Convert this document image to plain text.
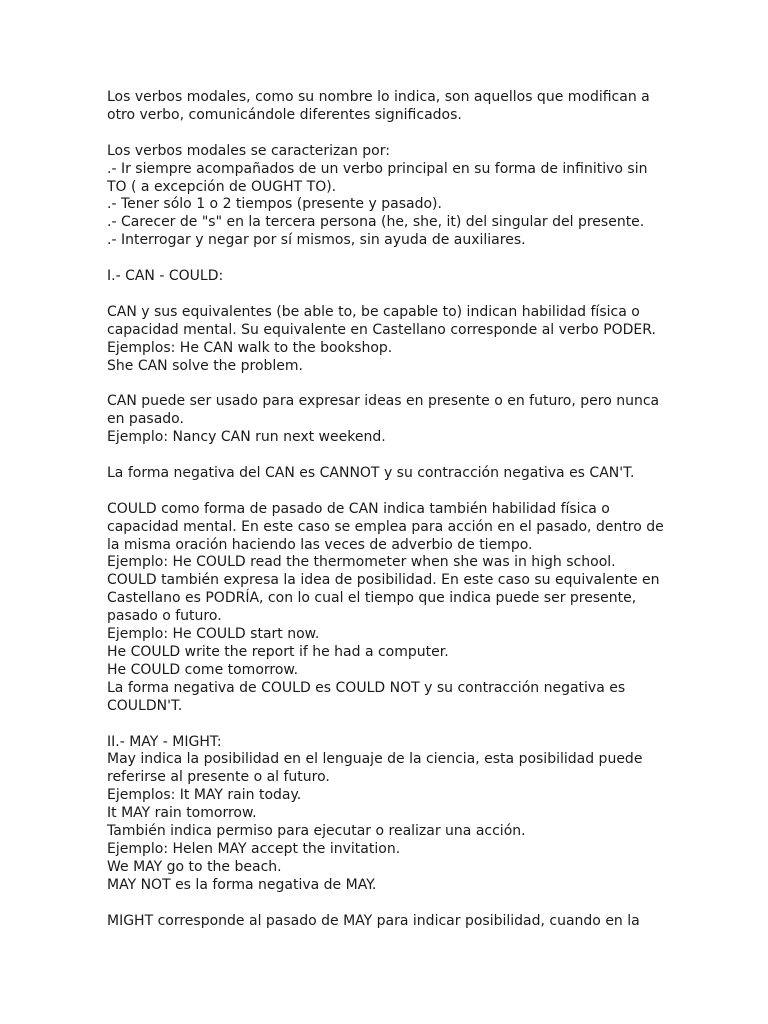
Los verbos modales, como su nombre lo indica, son aquellos que modifican a
otro verbo, comunicándole diferentes significados.
Los verbos modales se caracterizan por:
.- Ir siempre acompañados de un verbo principal en su forma de infinitivo sin
TO ( a excepción de OUGHT TO).
.- Tener sólo 1 o 2 tiempos (presente y pasado).
.- Carecer de "s" en la tercera persona (he, she, it) del singular del presente.
.- Interrogar y negar por sí mismos, sin ayuda de auxiliares.
I.- CAN - COULD:
CAN y sus equivalentes (be able to, be capable to) indican habilidad física o
capacidad mental. Su equivalente en Castellano corresponde al verbo PODER.
Ejemplos: He CAN walk to the bookshop.
She CAN solve the problem.
CAN puede ser usado para expresar ideas en presente o en futuro, pero nunca
en pasado.
Ejemplo: Nancy CAN run next weekend.
La forma negativa del CAN es CANNOT y su contracción negativa es CAN'T.
COULD como forma de pasado de CAN indica también habilidad física o
capacidad mental. En este caso se emplea para acción en el pasado, dentro de
la misma oración haciendo las veces de adverbio de tiempo.
Ejemplo: He COULD read the thermometer when she was in high school.
COULD también expresa la idea de posibilidad. En este caso su equivalente en
Castellano es PODRÍA, con lo cual el tiempo que indica puede ser presente,
pasado o futuro.
Ejemplo: He COULD start now.
He COULD write the report if he had a computer.
He COULD come tomorrow.
La forma negativa de COULD es COULD NOT y su contracción negativa es
COULDN'T.
II.- MAY - MIGHT:
May indica la posibilidad en el lenguaje de la ciencia, esta posibilidad puede
referirse al presente o al futuro.
Ejemplos: It MAY rain today.
It MAY rain tomorrow.
También indica permiso para ejecutar o realizar una acción.
Ejemplo: Helen MAY accept the invitation.
We MAY go to the beach.
MAY NOT es la forma negativa de MAY.
MIGHT corresponde al pasado de MAY para indicar posibilidad, cuando en la
